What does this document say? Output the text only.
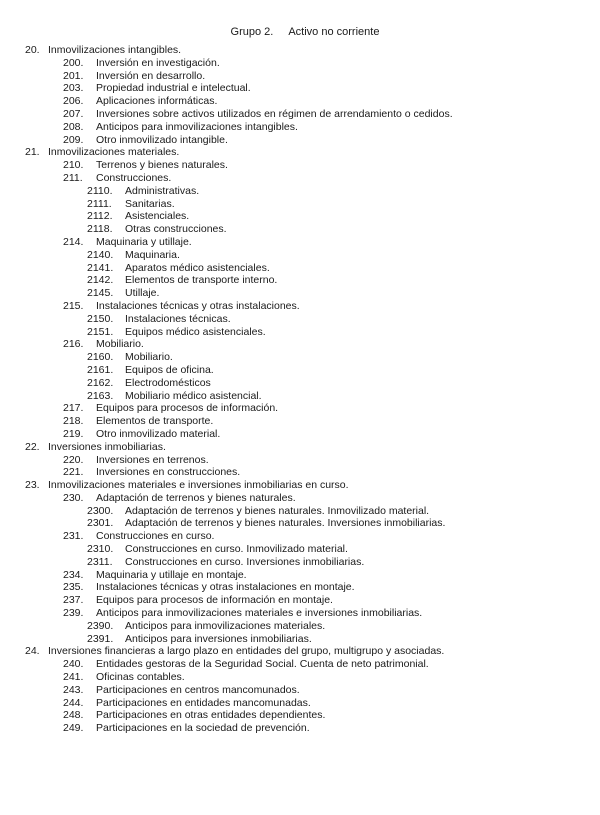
Grupo 2. Activo no corriente
20. Inmovilizaciones intangibles.
200.	Inversión en investigación.
201.	Inversión en desarrollo.
203.	Propiedad industrial e intelectual.
206.	Aplicaciones informáticas.
207.	Inversiones sobre activos utilizados en régimen de arrendamiento o cedidos.
208.	Anticipos para inmovilizaciones intangibles.
209.	Otro inmovilizado intangible.
21. Inmovilizaciones materiales.
210.	Terrenos y bienes naturales.
211.	Construcciones.
2110.	Administrativas.
2111.	Sanitarias.
2112.	Asistenciales.
2118.	Otras construcciones.
214.	Maquinaria y utillaje.
2140.	Maquinaria.
2141.	Aparatos médico asistenciales.
2142.	Elementos de transporte interno.
2145.	Utillaje.
215.	Instalaciones técnicas y otras instalaciones.
2150.	Instalaciones técnicas.
2151.	Equipos médico asistenciales.
216.	Mobiliario.
2160.	Mobiliario.
2161.	Equipos de oficina.
2162.	Electrodomésticos
2163.	Mobiliario médico asistencial.
217.	Equipos para procesos de información.
218.	Elementos de transporte.
219.	Otro inmovilizado material.
22. Inversiones inmobiliarias.
220.	Inversiones en terrenos.
221.	Inversiones en construcciones.
23. Inmovilizaciones materiales e inversiones inmobiliarias en curso.
230.	Adaptación de terrenos y bienes naturales.
2300.	Adaptación de terrenos y bienes naturales. Inmovilizado material.
2301.	Adaptación de terrenos y bienes naturales. Inversiones inmobiliarias.
231.	Construcciones en curso.
2310.	Construcciones en curso. Inmovilizado material.
2311.	Construcciones en curso. Inversiones inmobiliarias.
234.	Maquinaria y utillaje en montaje.
235.	Instalaciones técnicas y otras instalaciones en montaje.
237.	Equipos para procesos de información en montaje.
239.	Anticipos para inmovilizaciones materiales e inversiones inmobiliarias.
2390.	Anticipos para inmovilizaciones materiales.
2391.	Anticipos para inversiones inmobiliarias.
24. Inversiones financieras a largo plazo en entidades del grupo, multigrupo y asociadas.
240.	Entidades gestoras de la Seguridad Social. Cuenta de neto patrimonial.
241.	Oficinas contables.
243.	Participaciones en centros mancomunados.
244.	Participaciones en entidades mancomunadas.
248.	Participaciones en otras entidades dependientes.
249.	Participaciones en la sociedad de prevención.
